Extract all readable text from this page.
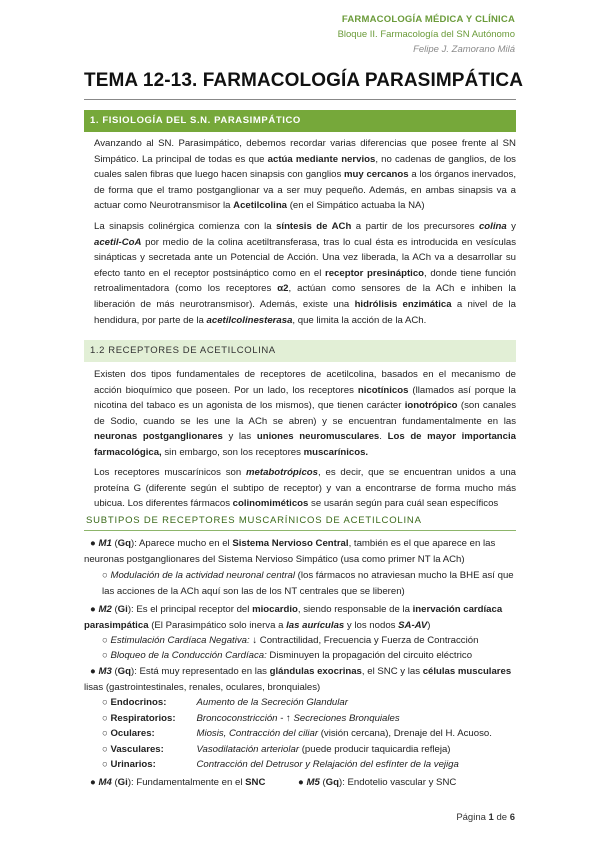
FARMACOLOGÍA MÉDICA Y CLÍNICA
Bloque II. Farmacología del SN Autónomo
Felipe J. Zamorano Milá
TEMA 12-13. FARMACOLOGÍA PARASIMPÁTICA
1. FISIOLOGÍA DEL S.N. PARASIMPÁTICO
Avanzando al SN. Parasimpático, debemos recordar varias diferencias que posee frente al SN Simpático. La principal de todas es que actúa mediante nervios, no cadenas de ganglios, de los cuales salen fibras que luego hacen sinapsis con ganglios muy cercanos a los órganos inervados, de forma que el tramo postganglionar va a ser muy pequeño. Además, en ambas sinapsis va a actuar como Neurotransmisor la Acetilcolina (en el Simpático actuaba la NA)
La sinapsis colinérgica comienza con la síntesis de ACh a partir de los precursores colina y acetil-CoA por medio de la colina acetiltransferasa, tras lo cual ésta es introducida en vesículas sinápticas y secretada ante un Potencial de Acción. Una vez liberada, la ACh va a desarrollar su efecto tanto en el receptor postsináptico como en el receptor presináptico, donde tiene función retroalimentadora (como los receptores α2, actúan como sensores de la ACh e inhiben la liberación de más neurotransmisor). Además, existe una hidrólisis enzimática a nivel de la hendidura, por parte de la acetilcolinesterasa, que limita la acción de la ACh.
1.2 RECEPTORES DE ACETILCOLINA
Existen dos tipos fundamentales de receptores de acetilcolina, basados en el mecanismo de acción bioquímico que poseen. Por un lado, los receptores nicotínicos (llamados así porque la nicotina del tabaco es un agonista de los mismos), que tienen carácter ionotrópico (son canales de Sodio, cuando se les une la ACh se abren) y se encuentran fundamentalmente en las neuronas postganglionares y las uniones neuromusculares. Los de mayor importancia farmacológica, sin embargo, son los receptores muscarínicos.
Los receptores muscarínicos son metabotrópicos, es decir, que se encuentran unidos a una proteína G (diferente según el subtipo de receptor) y van a encontrarse de forma mucho más ubicua. Los diferentes fármacos colinomiméticos se usarán según para cuál sean específicos
SUBTIPOS DE RECEPTORES MUSCARÍNICOS DE ACETILCOLINA
● M1 (Gq): Aparece mucho en el Sistema Nervioso Central, también es el que aparece en las neuronas postganglionares del Sistema Nervioso Simpático (usa como primer NT la ACh)
○ Modulación de la actividad neuronal central (los fármacos no atraviesan mucho la BHE así que las acciones de la ACh aquí son las de los NT centrales que se liberen)
● M2 (Gi): Es el principal receptor del miocardio, siendo responsable de la inervación cardíaca parasimpática (El Parasimpático solo inerva a las aurículas y los nodos SA-AV)
○ Estimulación Cardíaca Negativa: ↓ Contractilidad, Frecuencia y Fuerza de Contracción
○ Bloqueo de la Conducción Cardíaca: Disminuyen la propagación del circuito eléctrico
● M3 (Gq): Está muy representado en las glándulas exocrinas, el SNC y las células musculares lisas (gastrointestinales, renales, oculares, bronquiales)
○ Endocrinos:	Aumento de la Secreción Glandular
○ Respiratorios: Broncoconstricción - ↑ Secreciones Bronquiales
○ Oculares:	Miosis, Contracción del ciliar (visión cercana), Drenaje del H. Acuoso.
○ Vasculares:	Vasodilatación arteriolar (puede producir taquicardia refleja)
○ Urinarios:	Contracción del Detrusor y Relajación del esfínter de la vejiga
● M4 (Gi): Fundamentalmente en el SNC	● M5 (Gq): Endotelio vascular y SNC
Página 1 de 6
